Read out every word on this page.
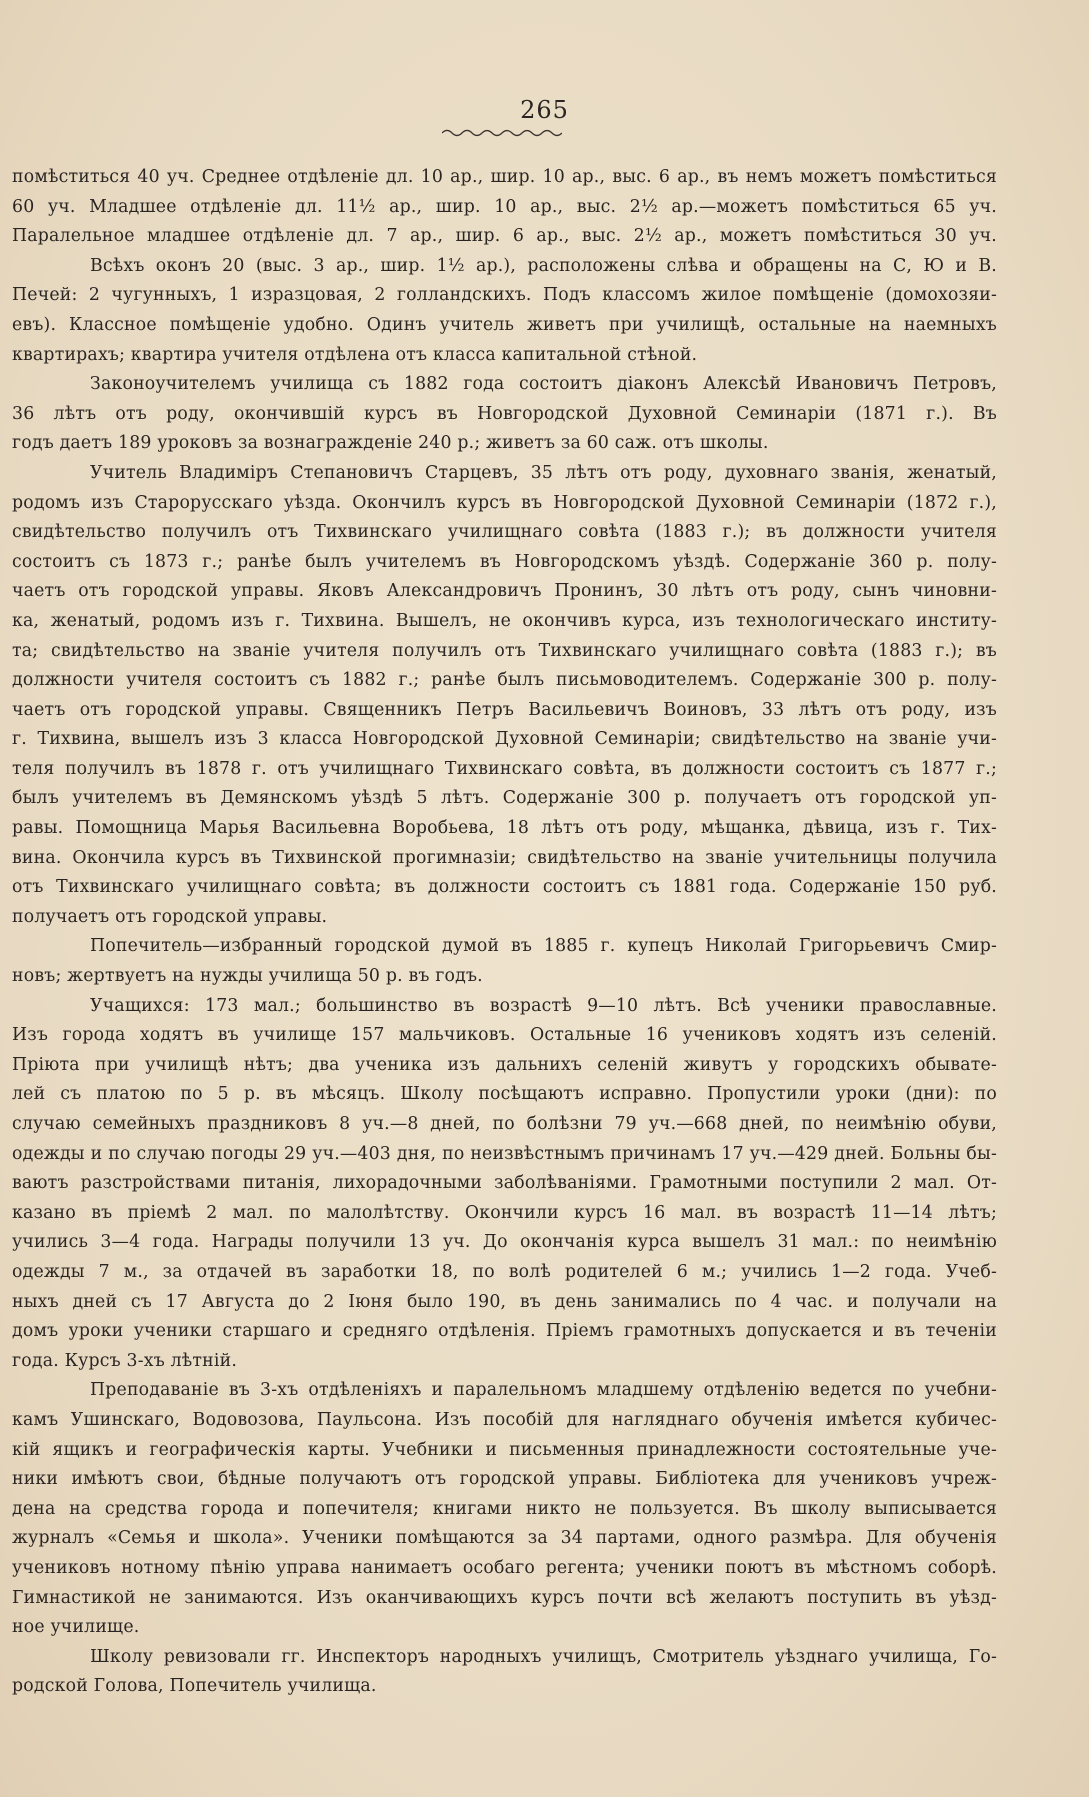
265
помѣститься 40 уч. Среднее отдѣленіе дл. 10 ар., шир. 10 ар., выс. 6 ар., въ немъ можетъ помѣститься
60 уч. Младшее отдѣленіе дл. 11½ ар., шир. 10 ар., выс. 2½ ар.—можетъ помѣститься 65 уч.
Паралельное младшее отдѣленіе дл. 7 ар., шир. 6 ар., выс. 2½ ар., можетъ помѣститься 30 уч.
Всѣхъ оконъ 20 (выс. 3 ар., шир. 1½ ар.), расположены слѣва и обращены на С, Ю и В.
Печей: 2 чугунныхъ, 1 изразцовая, 2 голландскихъ. Подъ классомъ жилое помѣщеніе (домохозяи-
евъ). Классное помѣщеніе удобно. Одинъ учитель живетъ при училищѣ, остальные на наемныхъ
квартирахъ; квартира учителя отдѣлена отъ класса капитальной стѣной.
Законоучителемъ училища съ 1882 года состоитъ діаконъ Алексѣй Ивановичъ Петровъ,
36 лѣтъ отъ роду, окончившій курсъ въ Новгородской Духовной Семинаріи (1871 г.). Въ
годъ даетъ 189 уроковъ за вознагражденіе 240 р.; живетъ за 60 саж. отъ школы.
Учитель Владиміръ Степановичъ Старцевъ, 35 лѣтъ отъ роду, духовнаго званія, женатый,
родомъ изъ Старорусскаго уѣзда. Окончилъ курсъ въ Новгородской Духовной Семинаріи (1872 г.),
свидѣтельство получилъ отъ Тихвинскаго училищнаго совѣта (1883 г.); въ должности учителя
состоитъ съ 1873 г.; ранѣе былъ учителемъ въ Новгородскомъ уѣздѣ. Содержаніе 360 р. полу-
чаетъ отъ городской управы. Яковъ Александровичъ Пронинъ, 30 лѣтъ отъ роду, сынъ чиновни-
ка, женатый, родомъ изъ г. Тихвина. Вышелъ, не окончивъ курса, изъ технологическаго институ-
та; свидѣтельство на званіе учителя получилъ отъ Тихвинскаго училищнаго совѣта (1883 г.); въ
должности учителя состоитъ съ 1882 г.; ранѣе былъ письмоводителемъ. Содержаніе 300 р. полу-
чаетъ отъ городской управы. Священникъ Петръ Васильевичъ Воиновъ, 33 лѣтъ отъ роду, изъ
г. Тихвина, вышелъ изъ 3 класса Новгородской Духовной Семинаріи; свидѣтельство на званіе учи-
теля получилъ въ 1878 г. отъ училищнаго Тихвинскаго совѣта, въ должности состоитъ съ 1877 г.;
былъ учителемъ въ Демянскомъ уѣздѣ 5 лѣтъ. Содержаніе 300 р. получаетъ отъ городской уп-
равы. Помощница Марья Васильевна Воробьева, 18 лѣтъ отъ роду, мѣщанка, дѣвица, изъ г. Тих-
вина. Окончила курсъ въ Тихвинской прогимназіи; свидѣтельство на званіе учительницы получила
отъ Тихвинскаго училищнаго совѣта; въ должности состоитъ съ 1881 года. Содержаніе 150 руб.
получаетъ отъ городской управы.
Попечитель—избранный городской думой въ 1885 г. купецъ Николай Григорьевичъ Смир-
новъ; жертвуетъ на нужды училища 50 р. въ годъ.
Учащихся: 173 мал.; большинство въ возрастѣ 9—10 лѣтъ. Всѣ ученики православные.
Изъ города ходятъ въ училище 157 мальчиковъ. Остальные 16 учениковъ ходятъ изъ селеній.
Пріюта при училищѣ нѣтъ; два ученика изъ дальнихъ селеній живутъ у городскихъ обывате-
лей съ платою по 5 р. въ мѣсяцъ. Школу посѣщаютъ исправно. Пропустили уроки (дни): по
случаю семейныхъ праздниковъ 8 уч.—8 дней, по болѣзни 79 уч.—668 дней, по неимѣнію обуви,
одежды и по случаю погоды 29 уч.—403 дня, по неизвѣстнымъ причинамъ 17 уч.—429 дней. Больны бы-
ваютъ разстройствами питанія, лихорадочными заболѣваніями. Грамотными поступили 2 мал. От-
казано въ пріемѣ 2 мал. по малолѣтству. Окончили курсъ 16 мал. въ возрастѣ 11—14 лѣтъ;
учились 3—4 года. Награды получили 13 уч. До окончанія курса вышелъ 31 мал.: по неимѣнію
одежды 7 м., за отдачей въ заработки 18, по волѣ родителей 6 м.; учились 1—2 года. Учеб-
ныхъ дней съ 17 Августа до 2 Іюня было 190, въ день занимались по 4 час. и получали на
домъ уроки ученики старшаго и средняго отдѣленія. Пріемъ грамотныхъ допускается и въ теченіи
года. Курсъ 3-хъ лѣтній.
Преподаваніе въ 3-хъ отдѣленіяхъ и паралельномъ младшему отдѣленію ведется по учебни-
камъ Ушинскаго, Водовозова, Паульсона. Изъ пособій для нагляднаго обученія имѣется кубичес-
кій ящикъ и географическія карты. Учебники и письменныя принадлежности состоятельные уче-
ники имѣютъ свои, бѣдные получаютъ отъ городской управы. Библіотека для учениковъ учреж-
дена на средства города и попечителя; книгами никто не пользуется. Въ школу выписывается
журналъ «Семья и школа». Ученики помѣщаются за 34 партами, одного размѣра. Для обученія
учениковъ нотному пѣнію управа нанимаетъ особаго регента; ученики поютъ въ мѣстномъ соборѣ.
Гимнастикой не занимаются. Изъ оканчивающихъ курсъ почти всѣ желаютъ поступить въ уѣзд-
ное училище.
Школу ревизовали гг. Инспекторъ народныхъ училищъ, Смотритель уѣзднаго училища, Го-
родской Голова, Попечитель училища.
